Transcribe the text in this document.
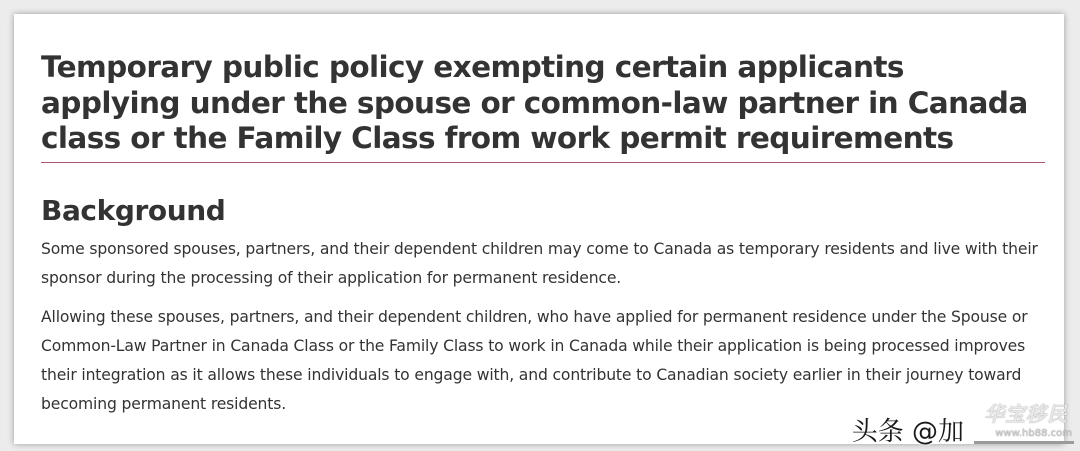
Temporary public policy exempting certain applicants applying under the spouse or common-law partner in Canada class or the Family Class from work permit requirements
Background

Some sponsored spouses, partners, and their dependent children may come to Canada as temporary residents and live with their sponsor during the processing of their application for permanent residence.

Allowing these spouses, partners, and their dependent children, who have applied for permanent residence under the Spouse or Common-Law Partner in Canada Class or the Family Class to work in Canada while their application is being processed improves their integration as it allows these individuals to engage with, and contribute to Canadian society earlier in their journey toward becoming permanent residents.

头条 @加
华宝移民
www.hb88.com
